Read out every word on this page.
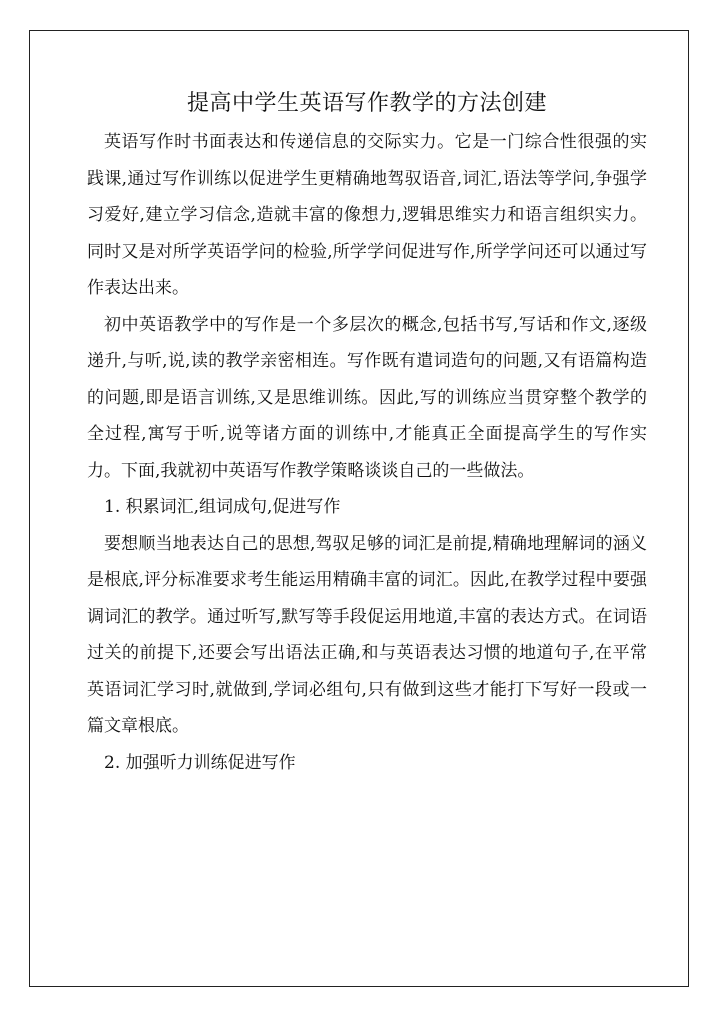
提高中学生英语写作教学的方法创建

英语写作时书面表达和传递信息的交际实力。它是一门综合性很强的实践课,通过写作训练以促进学生更精确地驾驭语音,词汇,语法等学问,争强学习爱好,建立学习信念,造就丰富的像想力,逻辑思维实力和语言组织实力。同时又是对所学英语学问的检验,所学学问促进写作,所学学问还可以通过写作表达出来。

初中英语教学中的写作是一个多层次的概念,包括书写,写话和作文,逐级递升,与听,说,读的教学亲密相连。写作既有遣词造句的问题,又有语篇构造的问题,即是语言训练,又是思维训练。因此,写的训练应当贯穿整个教学的全过程,寓写于听,说等诸方面的训练中,才能真正全面提高学生的写作实力。下面,我就初中英语写作教学策略谈谈自己的一些做法。

1. 积累词汇,组词成句,促进写作

要想顺当地表达自己的思想,驾驭足够的词汇是前提,精确地理解词的涵义是根底,评分标准要求考生能运用精确丰富的词汇。因此,在教学过程中要强调词汇的教学。通过听写,默写等手段促运用地道,丰富的表达方式。在词语过关的前提下,还要会写出语法正确,和与英语表达习惯的地道句子,在平常英语词汇学习时,就做到,学词必组句,只有做到这些才能打下写好一段或一篇文章根底。

2. 加强听力训练促进写作
